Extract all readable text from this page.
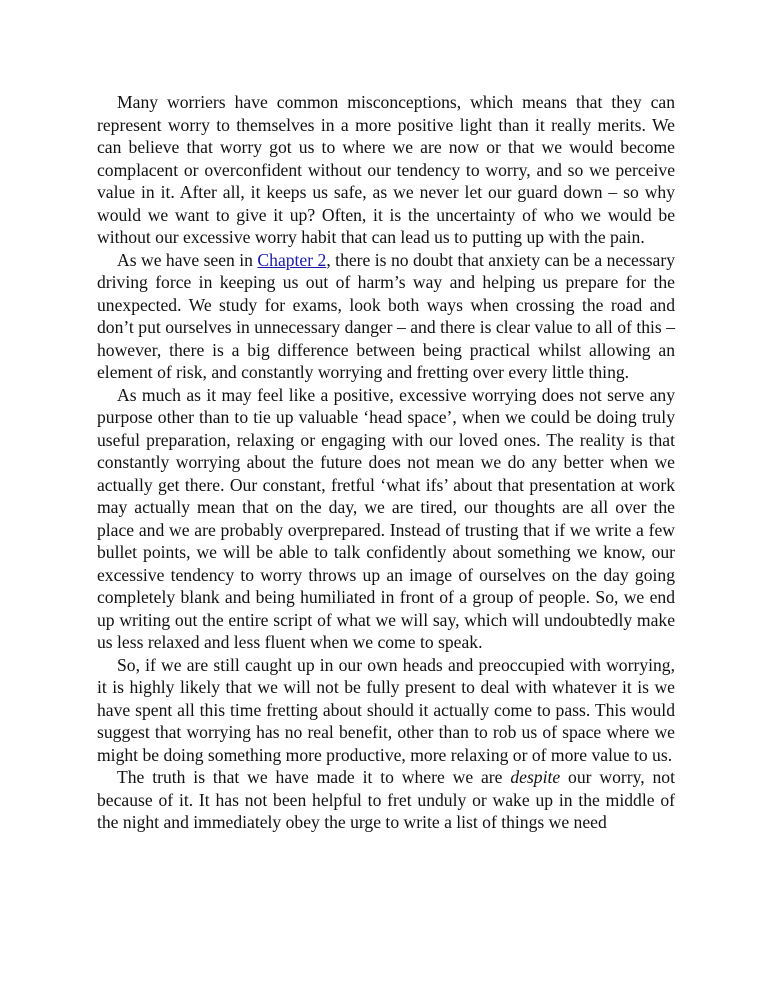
Many worriers have common misconceptions, which means that they can represent worry to themselves in a more positive light than it really merits. We can believe that worry got us to where we are now or that we would become complacent or overconfident without our tendency to worry, and so we perceive value in it. After all, it keeps us safe, as we never let our guard down – so why would we want to give it up? Often, it is the uncertainty of who we would be without our excessive worry habit that can lead us to putting up with the pain.

As we have seen in Chapter 2, there is no doubt that anxiety can be a necessary driving force in keeping us out of harm’s way and helping us prepare for the unexpected. We study for exams, look both ways when crossing the road and don’t put ourselves in unnecessary danger – and there is clear value to all of this – however, there is a big difference between being practical whilst allowing an element of risk, and constantly worrying and fretting over every little thing.

As much as it may feel like a positive, excessive worrying does not serve any purpose other than to tie up valuable ‘head space’, when we could be doing truly useful preparation, relaxing or engaging with our loved ones. The reality is that constantly worrying about the future does not mean we do any better when we actually get there. Our constant, fretful ‘what ifs’ about that presentation at work may actually mean that on the day, we are tired, our thoughts are all over the place and we are probably overprepared. Instead of trusting that if we write a few bullet points, we will be able to talk confidently about something we know, our excessive tendency to worry throws up an image of ourselves on the day going completely blank and being humiliated in front of a group of people. So, we end up writing out the entire script of what we will say, which will undoubtedly make us less relaxed and less fluent when we come to speak.

So, if we are still caught up in our own heads and preoccupied with worrying, it is highly likely that we will not be fully present to deal with whatever it is we have spent all this time fretting about should it actually come to pass. This would suggest that worrying has no real benefit, other than to rob us of space where we might be doing something more productive, more relaxing or of more value to us.

The truth is that we have made it to where we are despite our worry, not because of it. It has not been helpful to fret unduly or wake up in the middle of the night and immediately obey the urge to write a list of things we need
